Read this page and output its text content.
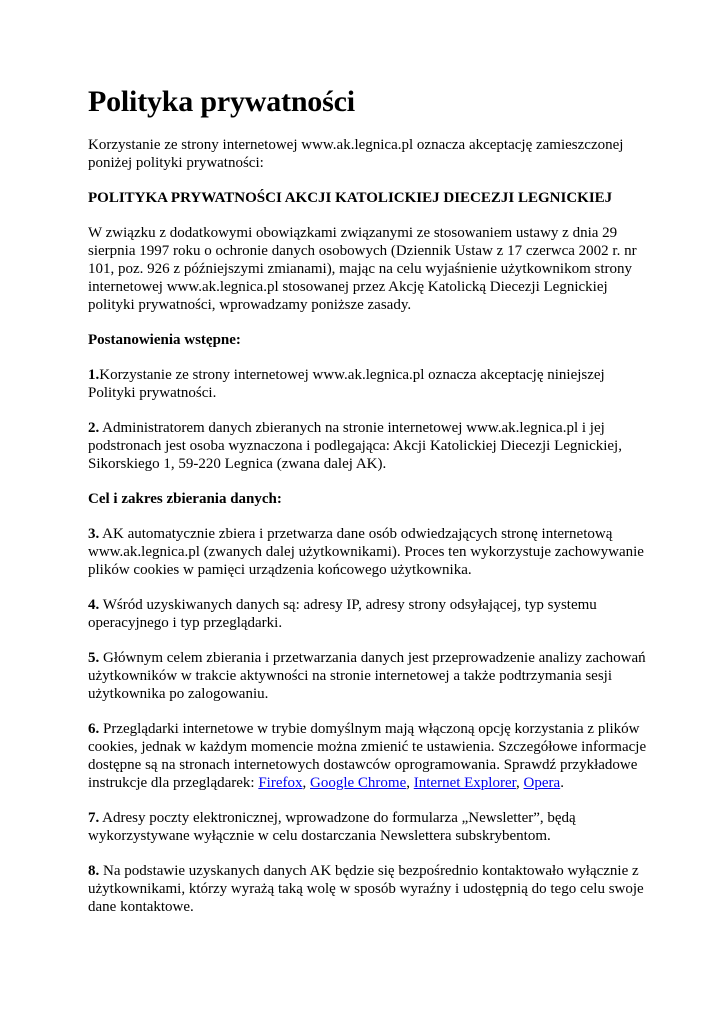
Polityka prywatności

Korzystanie ze strony internetowej www.ak.legnica.pl oznacza akceptację zamieszczonej poniżej polityki prywatności:

POLITYKA PRYWATNOŚCI AKCJI KATOLICKIEJ DIECEZJI LEGNICKIEJ

W związku z dodatkowymi obowiązkami związanymi ze stosowaniem ustawy z dnia 29 sierpnia 1997 roku o ochronie danych osobowych (Dziennik Ustaw z 17 czerwca 2002 r. nr 101, poz. 926 z późniejszymi zmianami), mając na celu wyjaśnienie użytkownikom strony internetowej www.ak.legnica.pl stosowanej przez Akcję Katolicką Diecezji Legnickiej polityki prywatności, wprowadzamy poniższe zasady.

Postanowienia wstępne:

1.Korzystanie ze strony internetowej www.ak.legnica.pl oznacza akceptację niniejszej Polityki prywatności.

2. Administratorem danych zbieranych na stronie internetowej www.ak.legnica.pl i jej podstronach jest osoba wyznaczona i podlegająca: Akcji Katolickiej Diecezji Legnickiej, Sikorskiego 1, 59-220 Legnica (zwana dalej AK).

Cel i zakres zbierania danych:

3. AK automatycznie zbiera i przetwarza dane osób odwiedzających stronę internetową www.ak.legnica.pl (zwanych dalej użytkownikami). Proces ten wykorzystuje zachowywanie plików cookies w pamięci urządzenia końcowego użytkownika.

4. Wśród uzyskiwanych danych są: adresy IP, adresy strony odsyłającej, typ systemu operacyjnego i typ przeglądarki.

5. Głównym celem zbierania i przetwarzania danych jest przeprowadzenie analizy zachowań użytkowników w trakcie aktywności na stronie internetowej a także podtrzymania sesji użytkownika po zalogowaniu.

6. Przeglądarki internetowe w trybie domyślnym mają włączoną opcję korzystania z plików cookies, jednak w każdym momencie można zmienić te ustawienia. Szczegółowe informacje dostępne są na stronach internetowych dostawców oprogramowania. Sprawdź przykładowe instrukcje dla przeglądarek: Firefox, Google Chrome, Internet Explorer, Opera.

7. Adresy poczty elektronicznej, wprowadzone do formularza „Newsletter”, będą wykorzystywane wyłącznie w celu dostarczania Newslettera subskrybentom.

8. Na podstawie uzyskanych danych AK będzie się bezpośrednio kontaktowało wyłącznie z użytkownikami, którzy wyrażą taką wolę w sposób wyraźny i udostępnią do tego celu swoje dane kontaktowe.
